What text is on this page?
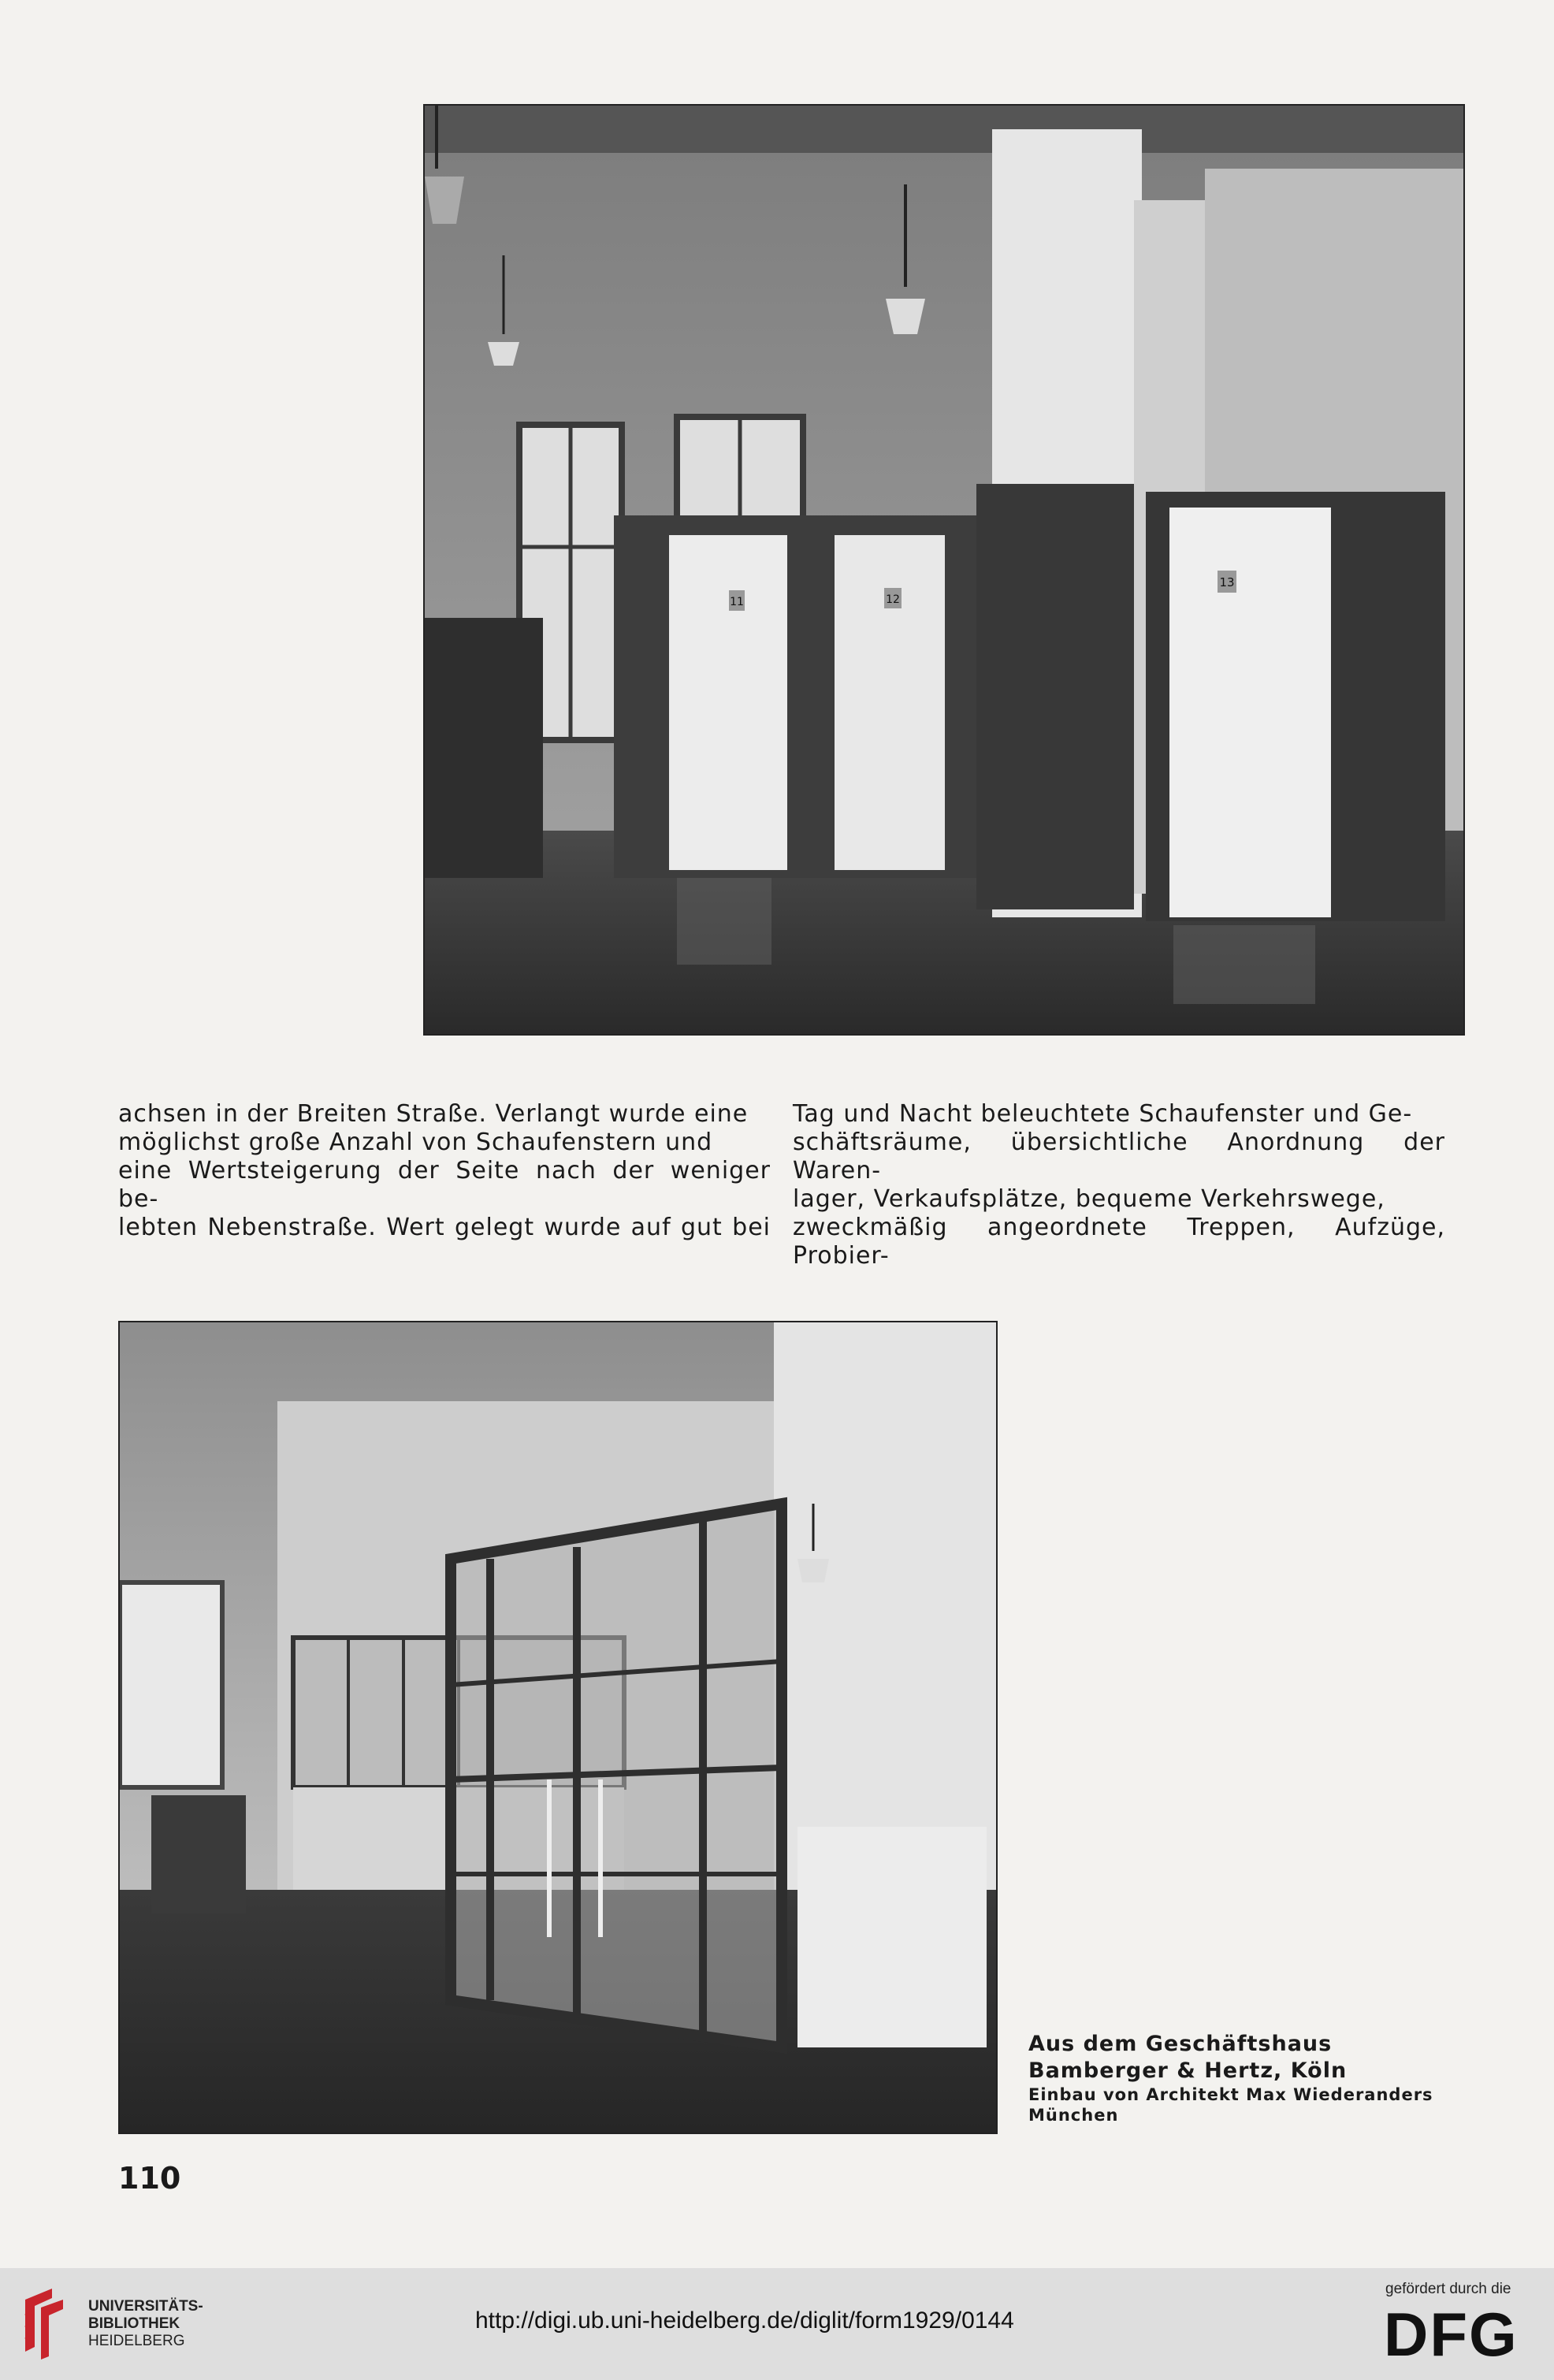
11	12
13

achsen in der Breiten Straße. Verlangt wurde eine

möglichst große Anzahl von Schaufenstern und

eine Wertsteigerung der Seite nach der weniger be-

lebten Nebenstraße. Wert gelegt wurde auf gut bei

Tag und Nacht beleuchtete Schaufenster und Ge-

schäftsräume, übersichtliche Anordnung der Waren-

lager, Verkaufsplätze, bequeme Verkehrswege,

zweckmäßig angeordnete Treppen, Aufzüge, Probier-

Aus dem Geschäftshaus
Bamberger & Hertz, Köln
Einbau von Architekt Max Wiederanders
München
110
UNIVERSITÄTS-
BIBLIOTHEK
HEIDELBERG
http://digi.ub.uni-heidelberg.de/diglit/form1929/0144
gefördert durch die
DFG
